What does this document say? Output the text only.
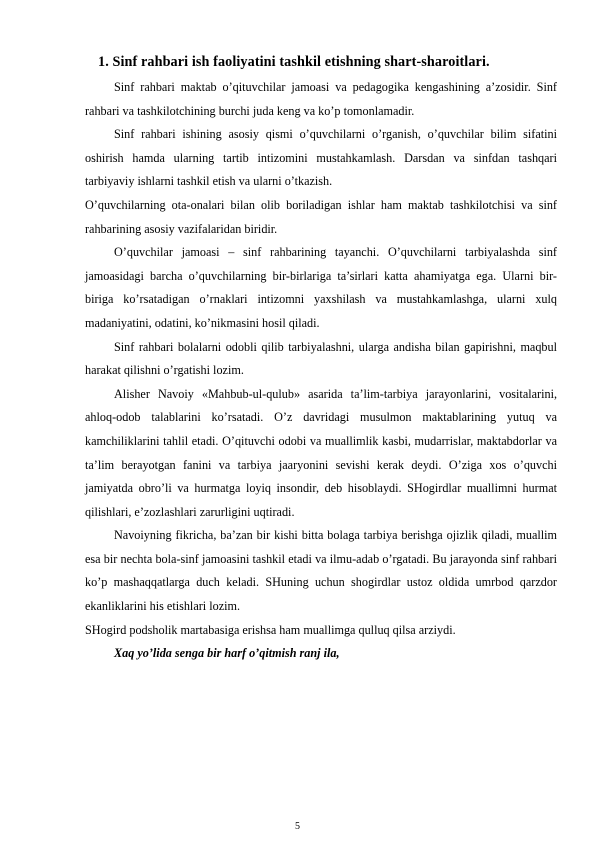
1. Sinf rahbari ish faoliyatini tashkil etishning shart-sharoitlari.

Sinf rahbari maktab o’qituvchilar jamoasi va pedagogika kengashining a’zosidir. Sinf rahbari va tashkilotchining burchi juda keng va ko’p tomonlamadir.

Sinf rahbari ishining asosiy qismi o’quvchilarni o’rganish, o’quvchilar bilim sifatini oshirish hamda ularning tartib intizomini mustahkamlash. Darsdan va sinfdan tashqari tarbiyaviy ishlarni tashkil etish va ularni o’tkazish.

O’quvchilarning ota-onalari bilan olib boriladigan ishlar ham maktab tashkilotchisi va sinf rahbarining asosiy vazifalaridan biridir.

O’quvchilar jamoasi – sinf rahbarining tayanchi. O’quvchilarni tarbiyalashda sinf jamoasidagi barcha o’quvchilarning bir-birlariga ta’sirlari katta ahamiyatga ega. Ularni bir-biriga ko’rsatadigan o’rnaklari intizomni yaxshilash va mustahkamlashga, ularni xulq madaniyatini, odatini, ko’nikmasini hosil qiladi.

Sinf rahbari bolalarni odobli qilib tarbiyalashni, ularga andisha bilan gapirishni, maqbul harakat qilishni o’rgatishi lozim.

Alisher Navoiy «Mahbub-ul-qulub» asarida ta’lim-tarbiya jarayonlarini, vositalarini, ahloq-odob talablarini ko’rsatadi. O’z davridagi musulmon maktablarining yutuq va kamchiliklarini tahlil etadi. O’qituvchi odobi va muallimlik kasbi, mudarrislar, maktabdorlar va ta’lim berayotgan fanini va tarbiya jaaryonini sevishi kerak deydi. O’ziga xos o’quvchi jamiyatda obro’li va hurmatga loyiq insondir, deb hisoblaydi. SHogirdlar muallimni hurmat qilishlari, e’zozlashlari zarurligini uqtiradi.

Navoiyning fikricha, ba’zan bir kishi bitta bolaga tarbiya berishga ojizlik qiladi, muallim esa bir nechta bola-sinf jamoasini tashkil etadi va ilmu-adab o’rgatadi. Bu jarayonda sinf rahbari ko’p mashaqqatlarga duch keladi. SHuning uchun shogirdlar ustoz oldida umrbod qarzdor ekanliklarini his etishlari lozim.

SHogird podsholik martabasiga erishsa ham muallimga qulluq qilsa arziydi.

Xaq yo’lida senga bir harf o’qitmish ranj ila,

5
